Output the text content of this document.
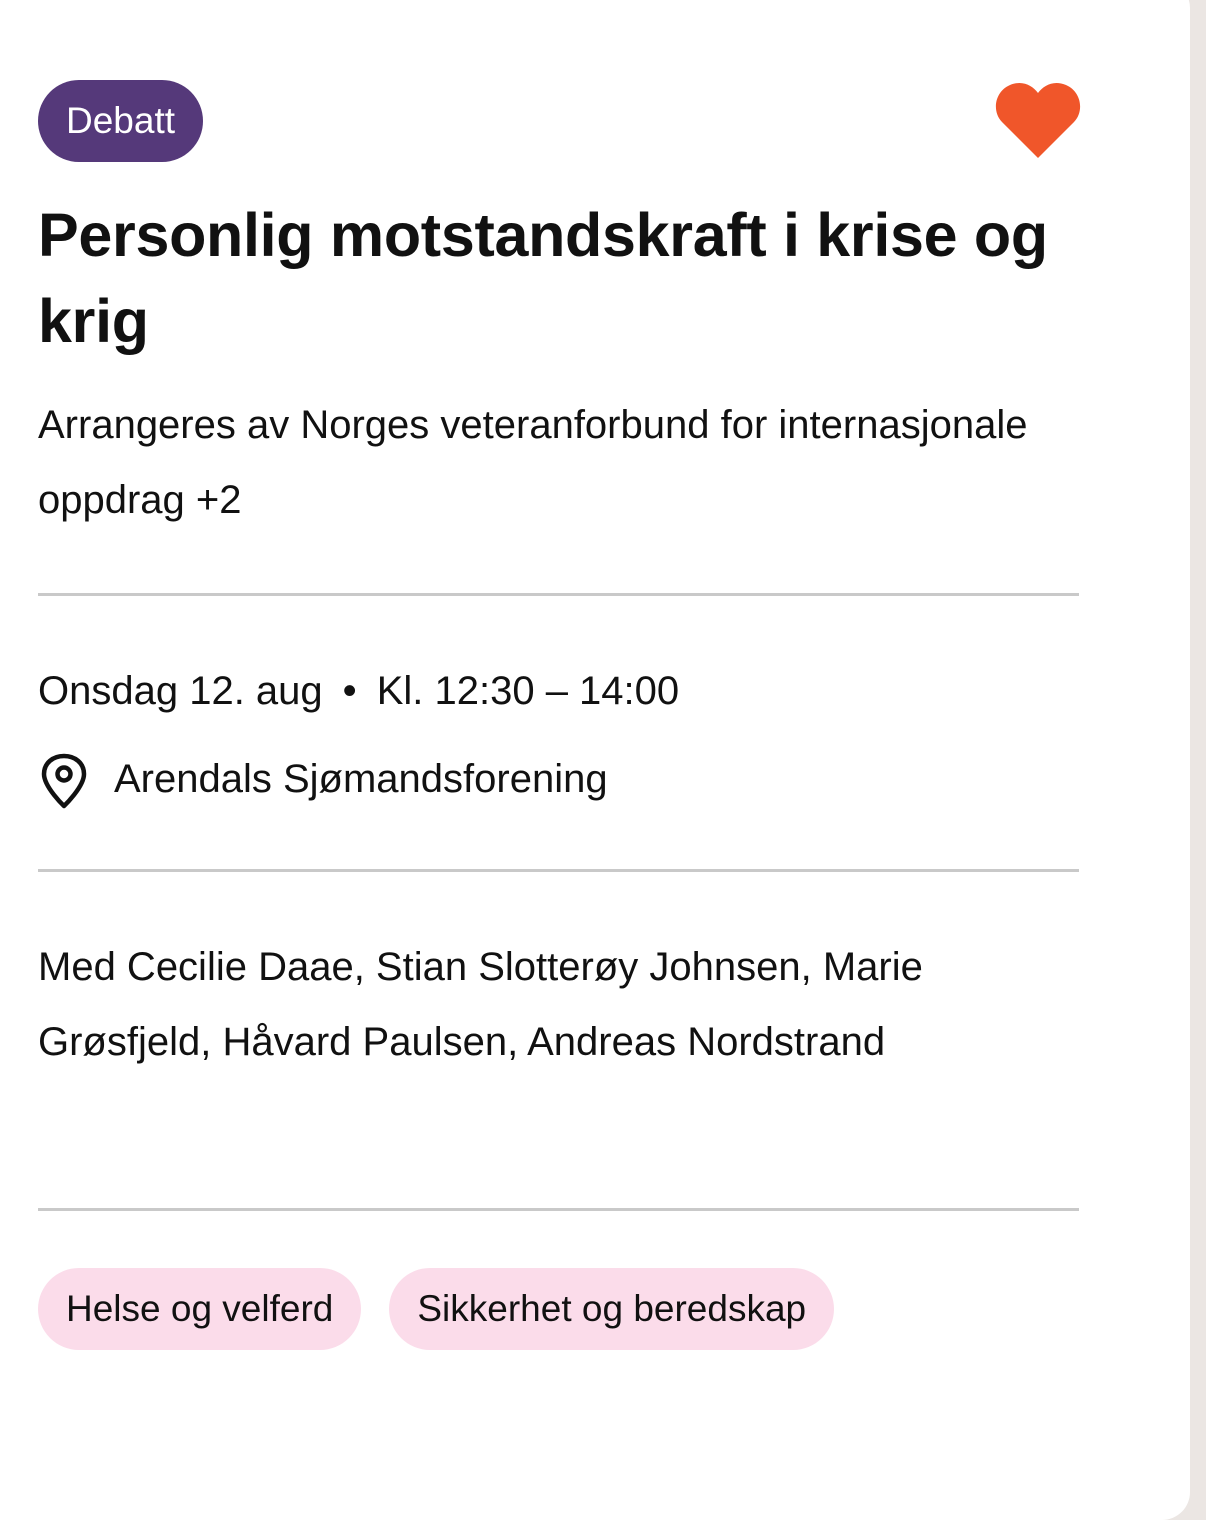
Debatt
Personlig motstandskraft i krise og krig
Arrangeres av Norges veteranforbund for internasjonale oppdrag +2
Onsdag 12. aug • Kl. 12:30 – 14:00
Arendals Sjømandsforening
Med Cecilie Daae, Stian Slotterøy Johnsen, Marie Grøsfjeld, Håvard Paulsen, Andreas Nordstrand
Helse og velferd	Sikkerhet og beredskap
